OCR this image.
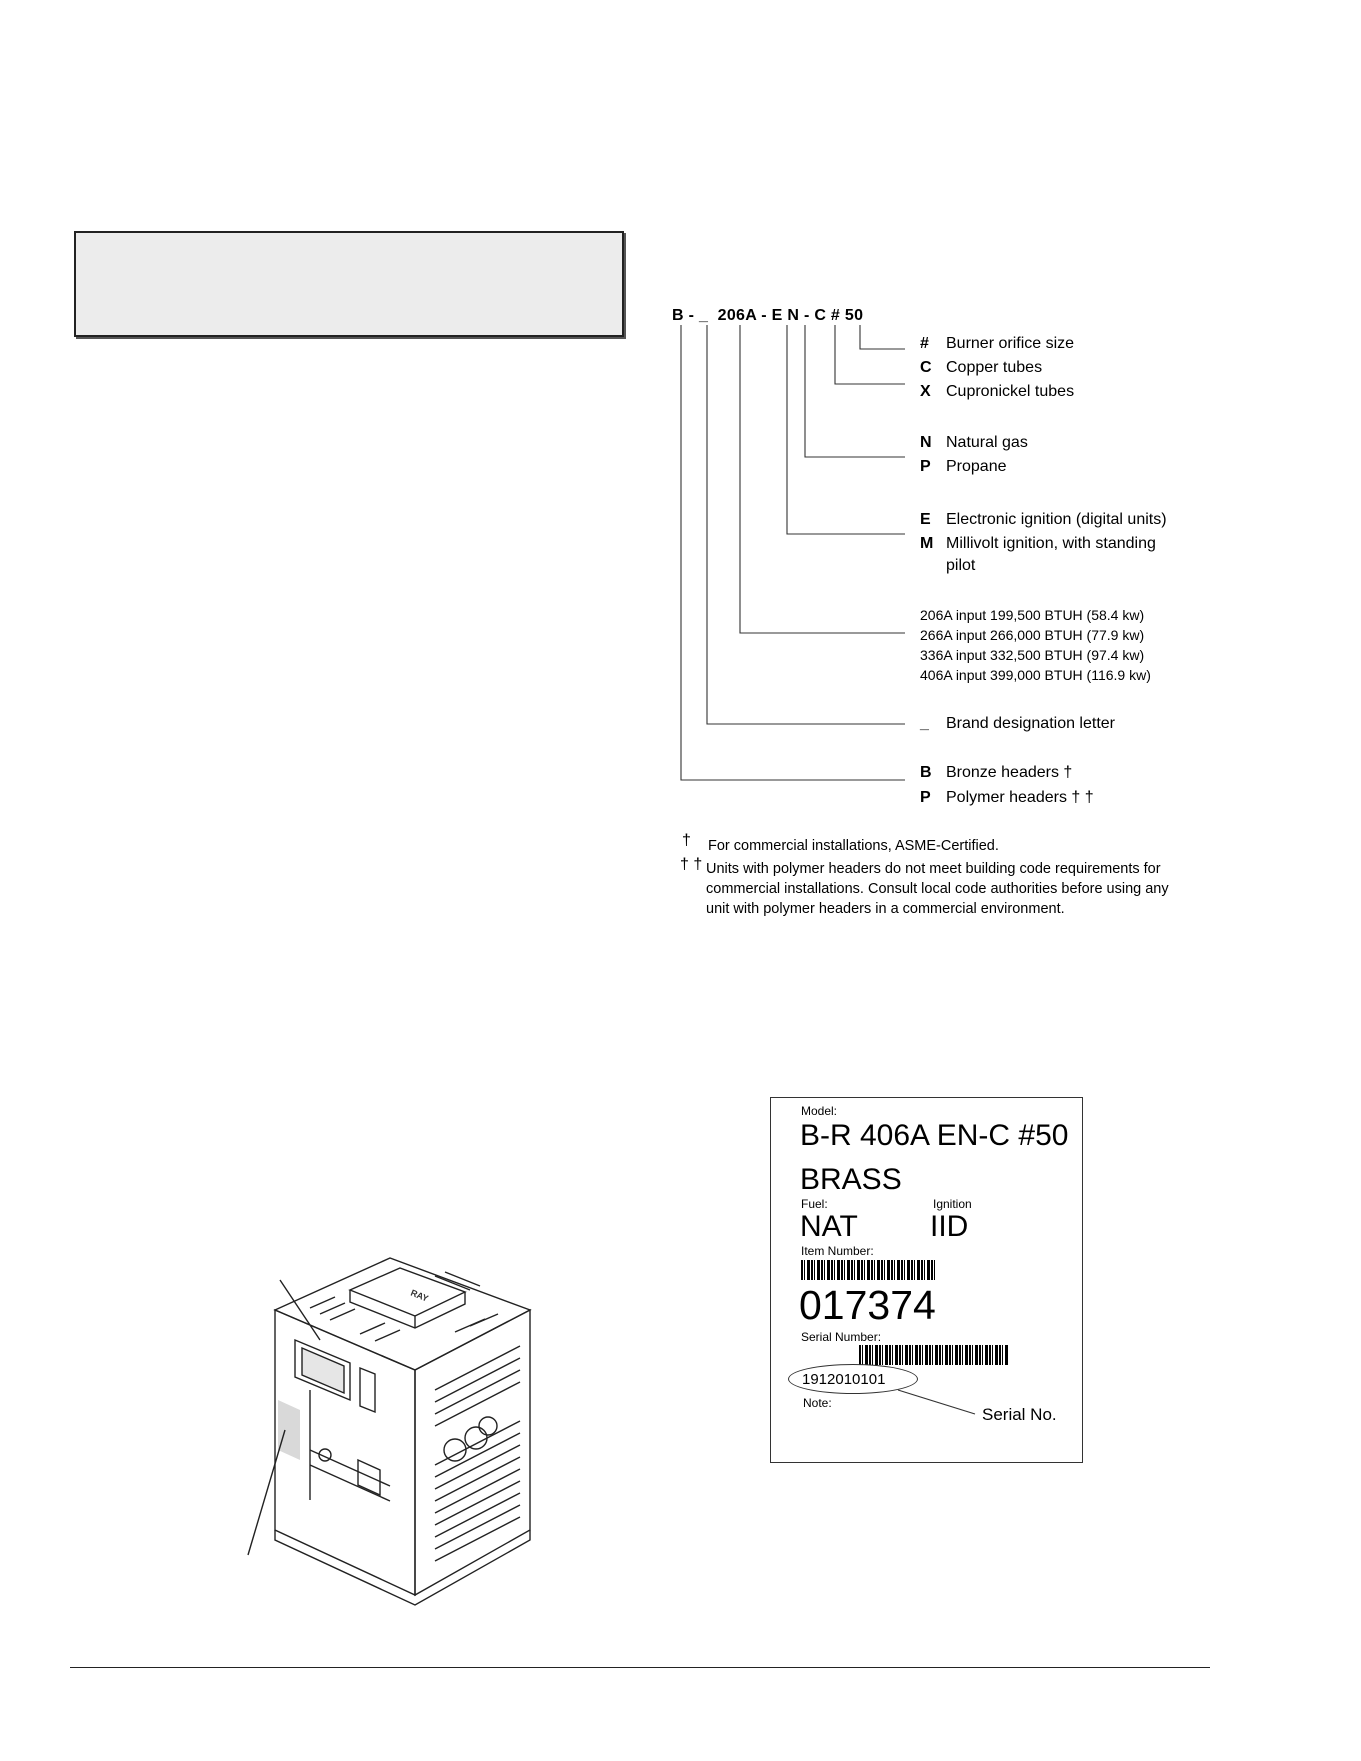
B - _  206A - E N - C # 50
# Burner orifice size
C Copper tubes
X Cupronickel tubes
N Natural gas
P Propane
E Electronic ignition (digital units)
M Millivolt ignition, with standing
pilot
206A input 199,500 BTUH (58.4 kw)
266A input 266,000 BTUH (77.9 kw)
336A input 332,500 BTUH (97.4 kw)
406A input 399,000 BTUH (116.9 kw)
_ Brand designation letter
B Bronze headers †
P Polymer headers † †
† For commercial installations, ASME-Certified.
† † Units with polymer headers do not meet building code requirements for
commercial installations. Consult local code authorities before using any
unit with polymer headers in a commercial environment.
Model:
B-R 406A EN-C #50
BRASS
Fuel:	Ignition
NAT IID
Item Number:
017374
Serial Number:
1912010101
Note:
Serial No.
RAY
